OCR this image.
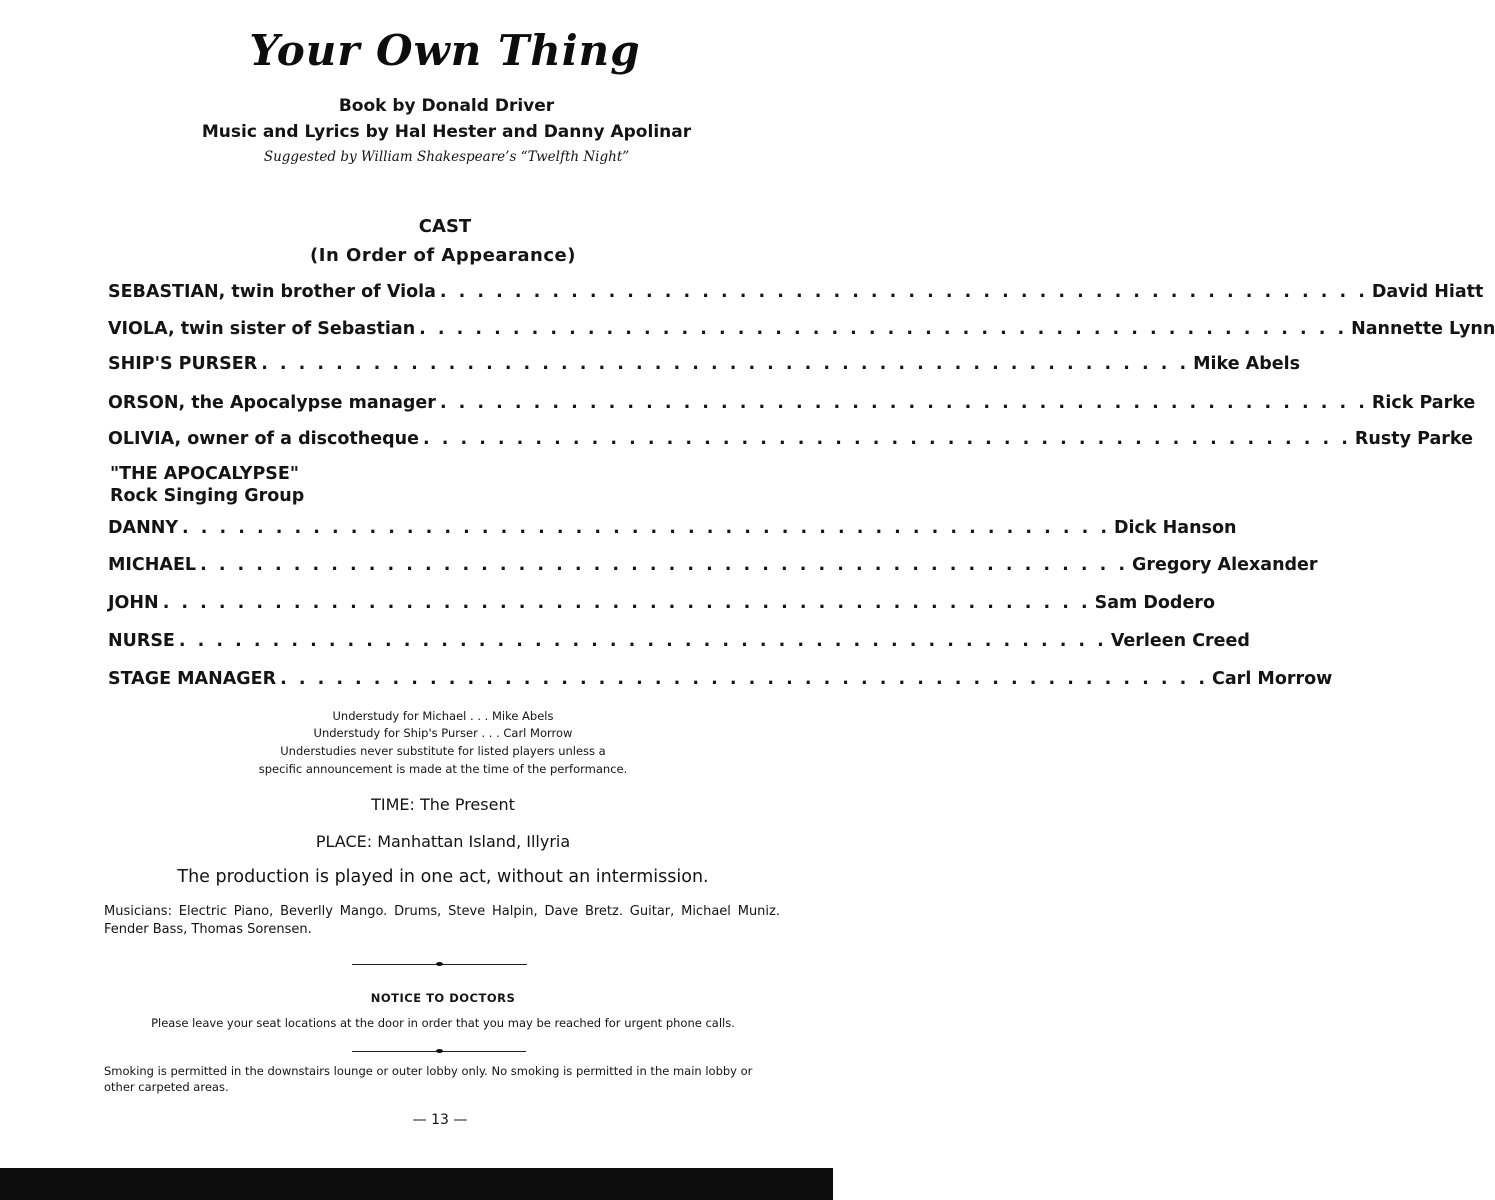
Your Own Thing
Book by Donald Driver
Music and Lyrics by Hal Hester and Danny Apolinar
Suggested by William Shakespeare’s “Twelfth Night”
CAST
(In Order of Appearance)
SEBASTIAN, twin brother of Viola . . . . . . . . . . . . . . . . . . . . . . . . . . . . . . . . . . . . . . . . . . . . . . . . . . David Hiatt
VIOLA, twin sister of Sebastian . . . . . . . . . . . . . . . . . . . . . . . . . . . . . . . . . . . . . . . . . . . . . . . . . . Nannette Lynn
SHIP'S PURSER . . . . . . . . . . . . . . . . . . . . . . . . . . . . . . . . . . . . . . . . . . . . . . . . . . Mike Abels
ORSON, the Apocalypse manager . . . . . . . . . . . . . . . . . . . . . . . . . . . . . . . . . . . . . . . . . . . . . . . . . . Rick Parke
OLIVIA, owner of a discotheque . . . . . . . . . . . . . . . . . . . . . . . . . . . . . . . . . . . . . . . . . . . . . . . . . . Rusty Parke
"THE APOCALYPSE"
Rock Singing Group
DANNY . . . . . . . . . . . . . . . . . . . . . . . . . . . . . . . . . . . . . . . . . . . . . . . . . . Dick Hanson
MICHAEL . . . . . . . . . . . . . . . . . . . . . . . . . . . . . . . . . . . . . . . . . . . . . . . . . . Gregory Alexander
JOHN . . . . . . . . . . . . . . . . . . . . . . . . . . . . . . . . . . . . . . . . . . . . . . . . . . Sam Dodero
NURSE . . . . . . . . . . . . . . . . . . . . . . . . . . . . . . . . . . . . . . . . . . . . . . . . . . Verleen Creed
STAGE MANAGER . . . . . . . . . . . . . . . . . . . . . . . . . . . . . . . . . . . . . . . . . . . . . . . . . . Carl Morrow
Understudy for Michael . . . Mike Abels
Understudy for Ship's Purser . . . Carl Morrow
Understudies never substitute for listed players unless a
specific announcement is made at the time of the performance.
TIME: The Present
PLACE: Manhattan Island, Illyria
The production is played in one act, without an intermission.
Musicians: Electric Piano, Beverlly Mango. Drums, Steve Halpin, Dave Bretz. Guitar, Michael Muniz. Fender Bass, Thomas Sorensen.
NOTICE TO DOCTORS
Please leave your seat locations at the door in order that you may be reached for urgent phone calls.
Smoking is permitted in the downstairs lounge or outer lobby only. No smoking is permitted in the main lobby or other carpeted areas.
— 13 —
